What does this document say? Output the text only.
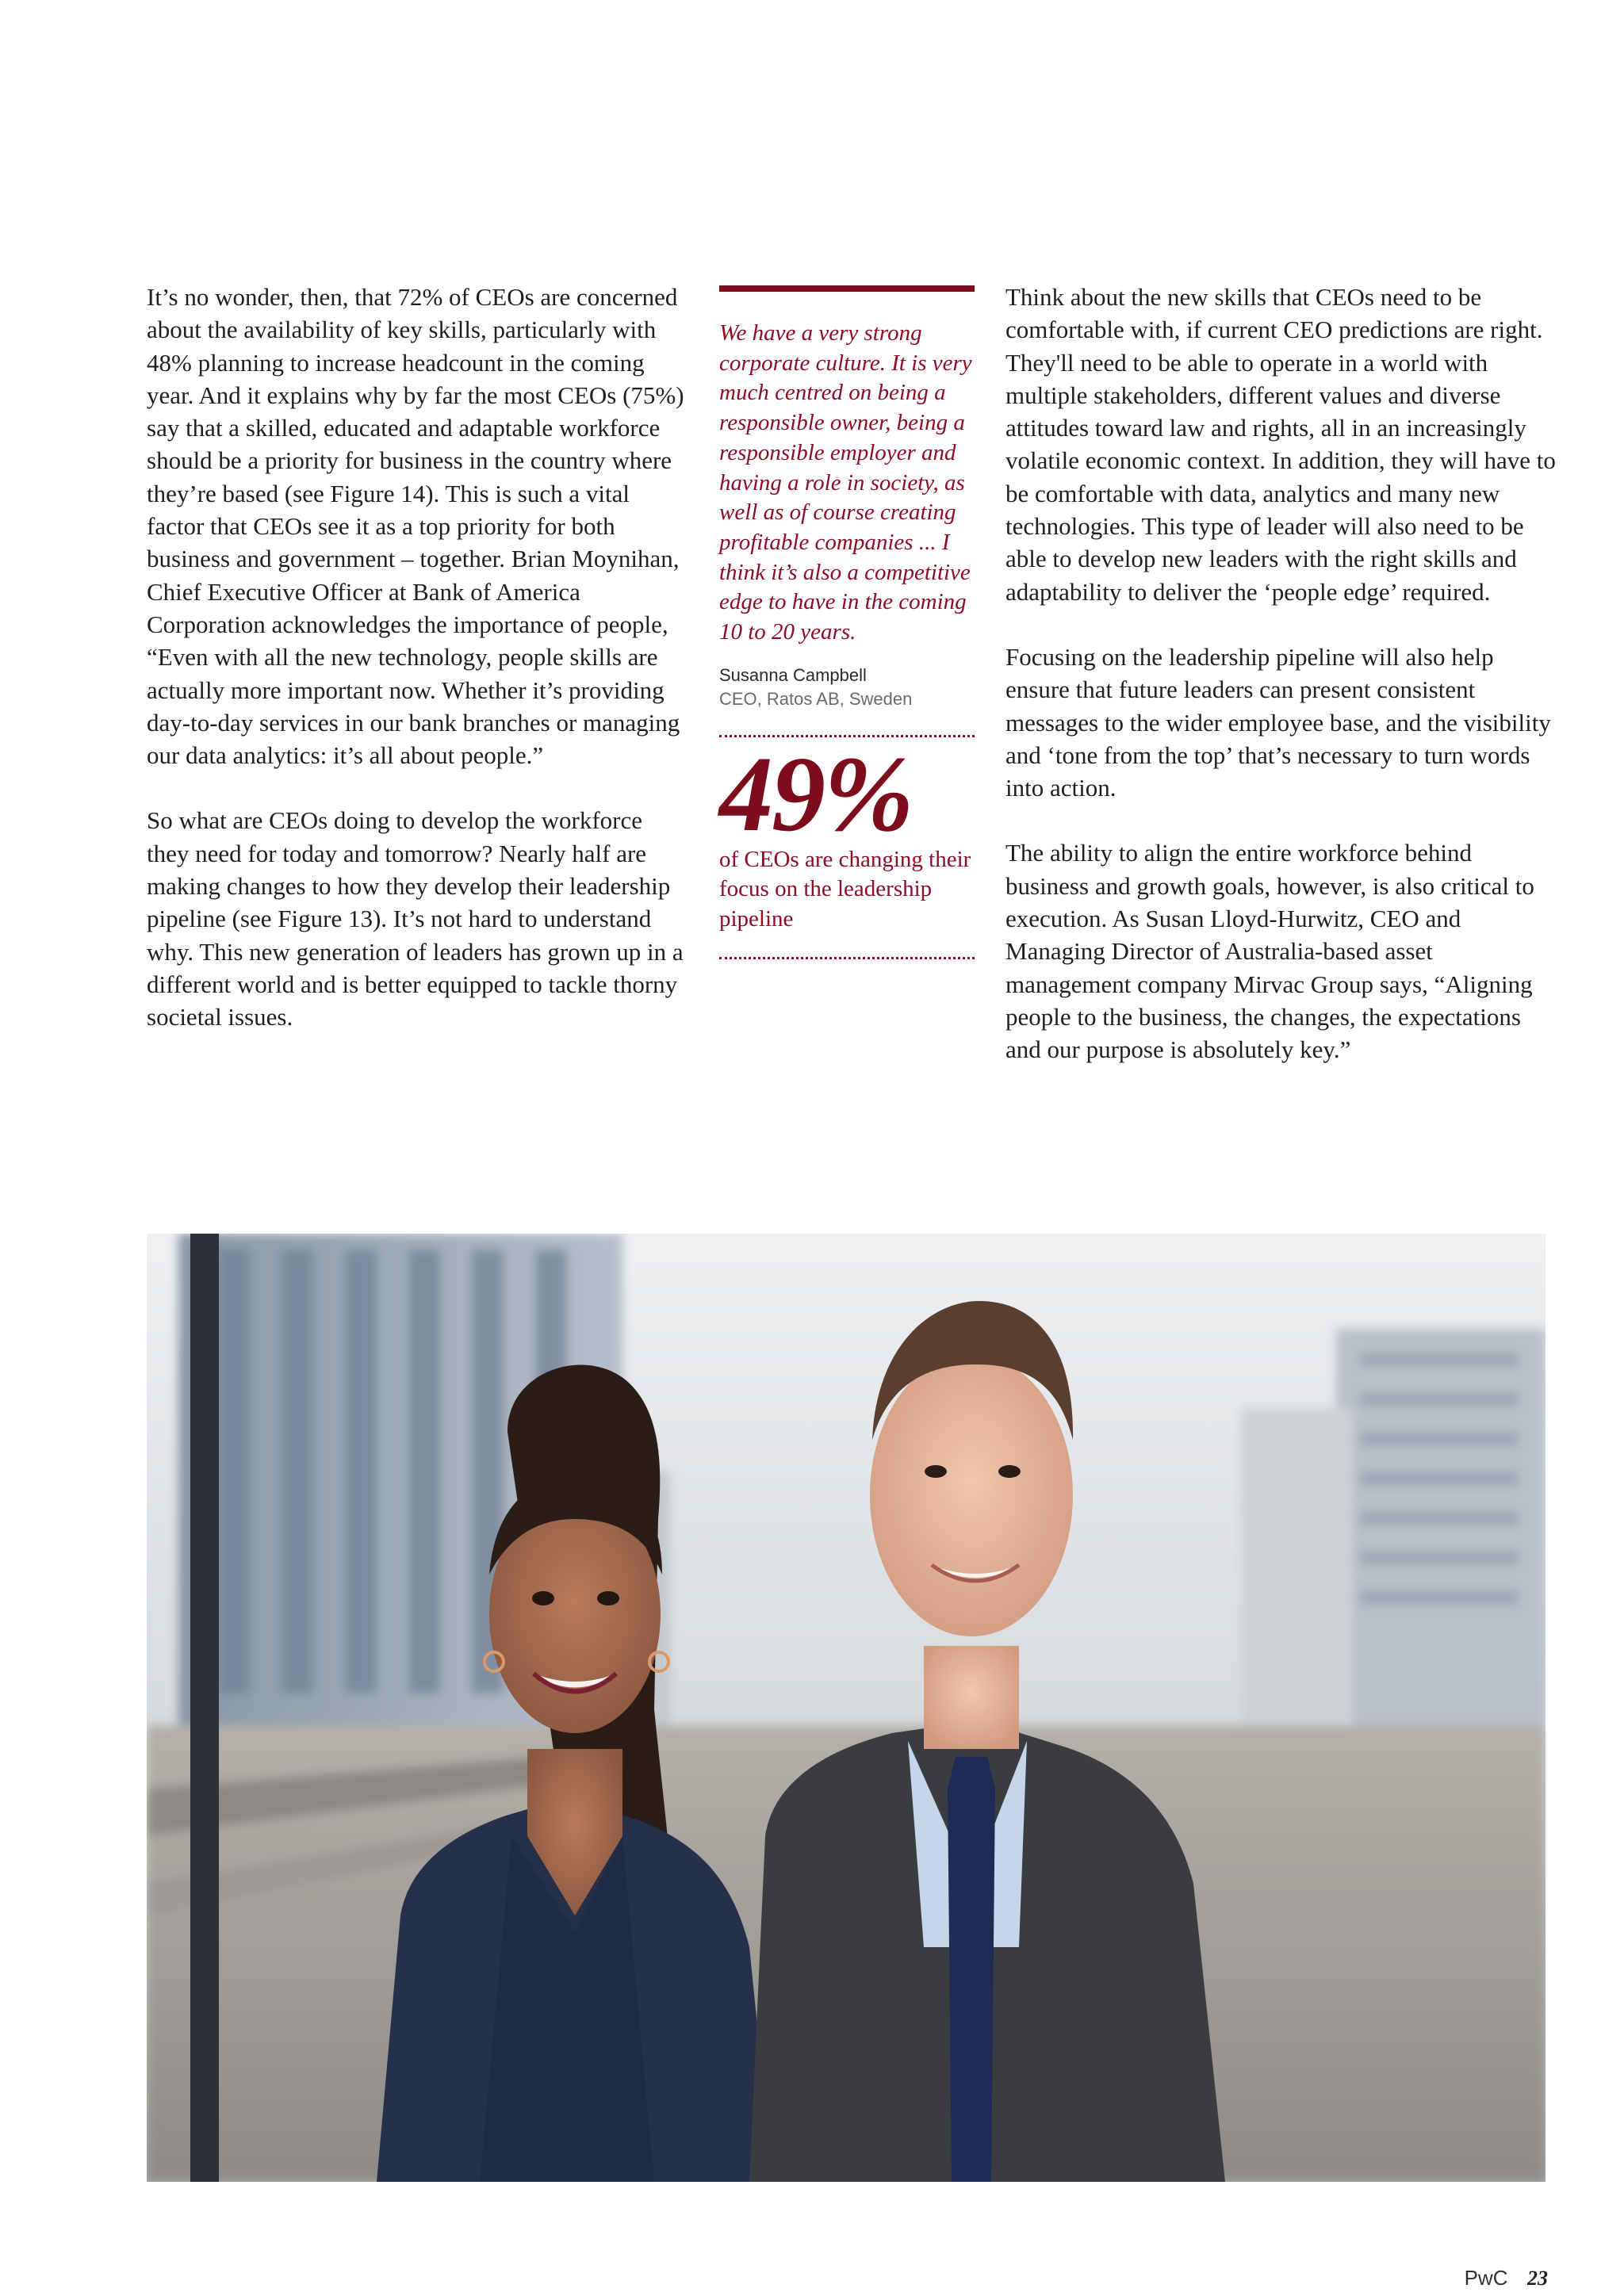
It’s no wonder, then, that 72% of CEOs are concerned about the availability of key skills, particularly with 48% planning to increase headcount in the coming year. And it explains why by far the most CEOs (75%) say that a skilled, educated and adaptable workforce should be a priority for business in the country where they’re based (see Figure 14). This is such a vital factor that CEOs see it as a top priority for both business and government – together. Brian Moynihan, Chief Executive Officer at Bank of America Corporation acknowledges the importance of people, “Even with all the new technology, people skills are actually more important now. Whether it’s providing day-to-day services in our bank branches or managing our data analytics: it’s all about people.”

So what are CEOs doing to develop the workforce they need for today and tomorrow? Nearly half are making changes to how they develop their leadership pipeline (see Figure 13). It’s not hard to understand why. This new generation of leaders has grown up in a different world and is better equipped to tackle thorny societal issues.

We have a very strong corporate culture. It is very much centred on being a responsible owner, being a responsible employer and having a role in society, as well as of course creating profitable companies ... I think it’s also a competitive edge to have in the coming 10 to 20 years.

Susanna Campbell
CEO, Ratos AB, Sweden
49%
of CEOs are changing their focus on the leadership pipeline

Think about the new skills that CEOs need to be comfortable with, if current CEO predictions are right. They'll need to be able to operate in a world with multiple stakeholders, different values and diverse attitudes toward law and rights, all in an increasingly volatile economic context. In addition, they will have to be comfortable with data, analytics and many new technologies. This type of leader will also need to be able to develop new leaders with the right skills and adaptability to deliver the ‘people edge’ required.

Focusing on the leadership pipeline will also help ensure that future leaders can present consistent messages to the wider employee base, and the visibility and ‘tone from the top’ that’s necessary to turn words into action.

The ability to align the entire workforce behind business and growth goals, however, is also critical to execution. As Susan Lloyd-Hurwitz, CEO and Managing Director of Australia-based asset management company Mirvac Group says, “Aligning people to the business, the changes, the expectations and our purpose is absolutely key.”

PwC 23
